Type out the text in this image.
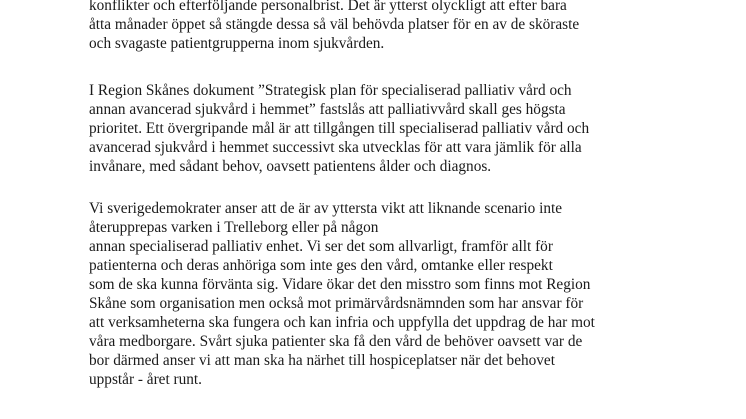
konflikter och efterföljande personalbrist. Det är ytterst olyckligt att efter bara
åtta månader öppet så stängde dessa så väl behövda platser för en av de sköraste
och svagaste patientgrupperna inom sjukvården.
I Region Skånes dokument ”Strategisk plan för specialiserad palliativ vård och
annan avancerad sjukvård i hemmet” fastslås att palliativvård skall ges högsta
prioritet. Ett övergripande mål är att tillgången till specialiserad palliativ vård och
avancerad sjukvård i hemmet successivt ska utvecklas för att vara jämlik för alla
invånare, med sådant behov, oavsett patientens ålder och diagnos.
Vi sverigedemokrater anser att de är av yttersta vikt att liknande scenario inte
återupprepas varken i Trelleborg eller på någon
annan specialiserad palliativ enhet. Vi ser det som allvarligt, framför allt för
patienterna och deras anhöriga som inte ges den vård, omtanke eller respekt
som de ska kunna förvänta sig. Vidare ökar det den misstro som finns mot Region
Skåne som organisation men också mot primärvårdsnämnden som har ansvar för
att verksamheterna ska fungera och kan infria och uppfylla det uppdrag de har mot
våra medborgare. Svårt sjuka patienter ska få den vård de behöver oavsett var de
bor därmed anser vi att man ska ha närhet till hospiceplatser när det behovet
uppstår - året runt.
